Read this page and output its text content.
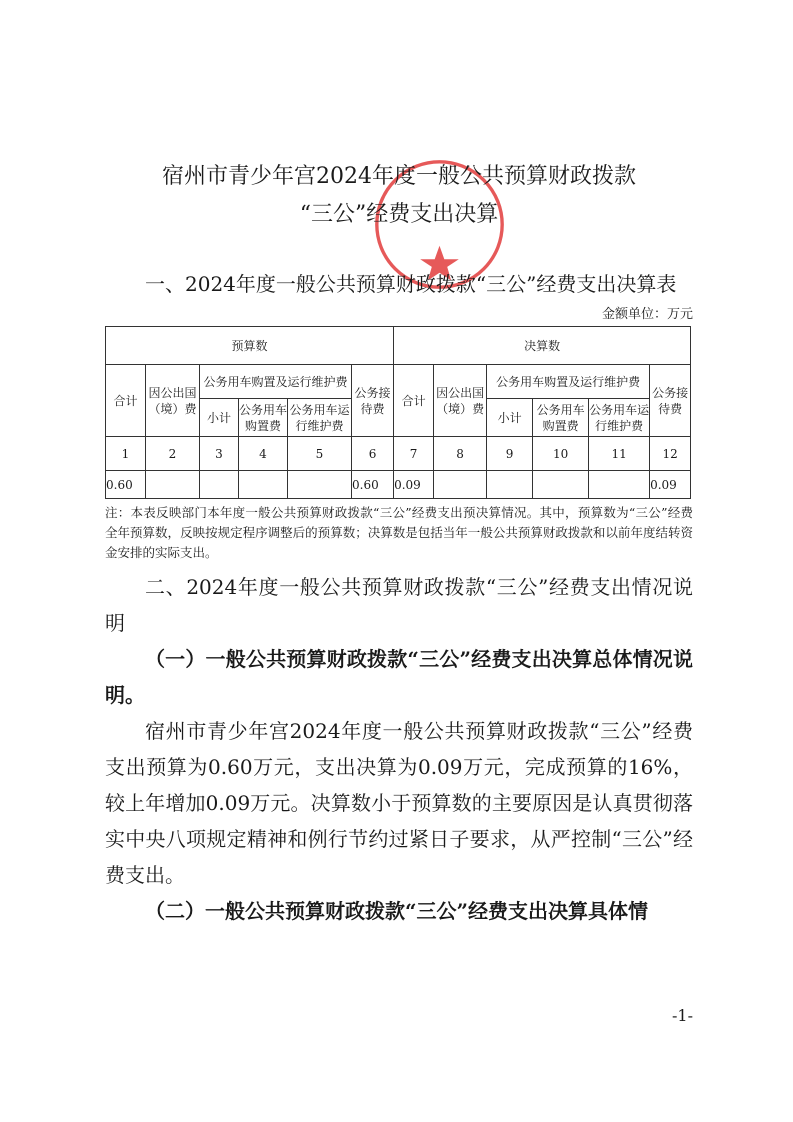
宿州市青少年宫2024年度一般公共预算财政拨款

“三公”经费支出决算

一、2024年度一般公共预算财政拨款“三公”经费支出决算表

金额单位：万元
预算数						决算数					
合计	因公出国（境）费	公务用车购置及运行维护费			公务接待费	合计	因公出国（境）费	公务用车购置及运行维护费			公务接待费
		小计	公务用车购置费	公务用车运行维护费				小计	公务用车购置费	公务用车运行维护费	
1	2	3	4	5	6	7	8	9	10	11	12
0.60					0.60	0.09					0.09
注：本表反映部门本年度一般公共预算财政拨款“三公”经费支出预决算情况。其中，预算数为“三公”经费全年预算数，反映按规定程序调整后的预算数；决算数是包括当年一般公共预算财政拨款和以前年度结转资金安排的实际支出。

二、2024年度一般公共预算财政拨款“三公”经费支出情况说明

（一）一般公共预算财政拨款“三公”经费支出决算总体情况说明。

宿州市青少年宫2024年度一般公共预算财政拨款“三公”经费支出预算为0.60万元，支出决算为0.09万元，完成预算的16%，较上年增加0.09万元。决算数小于预算数的主要原因是认真贯彻落实中央八项规定精神和例行节约过紧日子要求，从严控制“三公”经费支出。

（二）一般公共预算财政拨款“三公”经费支出决算具体情

-1-
